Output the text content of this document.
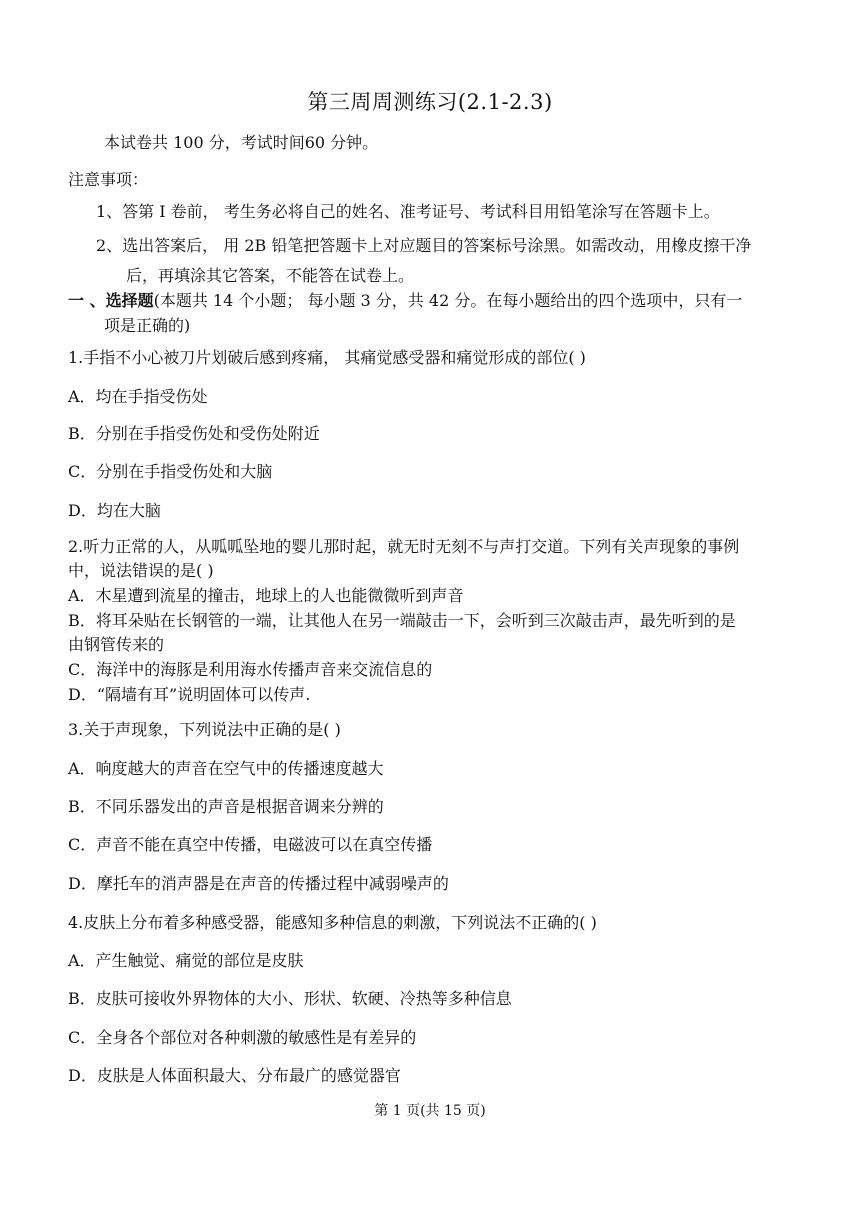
第三周周测练习(2.1-2.3)
本试卷共 100 分，考试时间60 分钟。
注意事项：
1、答第 I 卷前， 考生务必将自己的姓名、准考证号、考试科目用铅笔涂写在答题卡上。
2、选出答案后， 用 2B 铅笔把答题卡上对应题目的答案标号涂黑。如需改动，用橡皮擦干净
后，再填涂其它答案，不能答在试卷上。
一 、选择题(本题共 14 个小题； 每小题 3 分，共 42 分。在每小题给出的四个选项中，只有一
项是正确的)
1.手指不小心被刀片划破后感到疼痛， 其痛觉感受器和痛觉形成的部位( )
A．均在手指受伤处
B．分别在手指受伤处和受伤处附近
C．分别在手指受伤处和大脑
D．均在大脑
2.听力正常的人，从呱呱坠地的婴儿那时起，就无时无刻不与声打交道。下列有关声现象的事例
中，说法错误的是( )
A．木星遭到流星的撞击，地球上的人也能微微听到声音
B．将耳朵贴在长钢管的一端，让其他人在另一端敲击一下，会听到三次敲击声，最先听到的是
由钢管传来的
C．海洋中的海豚是利用海水传播声音来交流信息的
D．“隔墙有耳”说明固体可以传声.
3.关于声现象，下列说法中正确的是( )
A．响度越大的声音在空气中的传播速度越大
B．不同乐器发出的声音是根据音调来分辨的
C．声音不能在真空中传播，电磁波可以在真空传播
D．摩托车的消声器是在声音的传播过程中减弱噪声的
4.皮肤上分布着多种感受器，能感知多种信息的刺激，下列说法不正确的( )
A．产生触觉、痛觉的部位是皮肤
B．皮肤可接收外界物体的大小、形状、软硬、冷热等多种信息
C．全身各个部位对各种刺激的敏感性是有差异的
D．皮肤是人体面积最大、分布最广的感觉器官
第 1 页(共 15 页)
